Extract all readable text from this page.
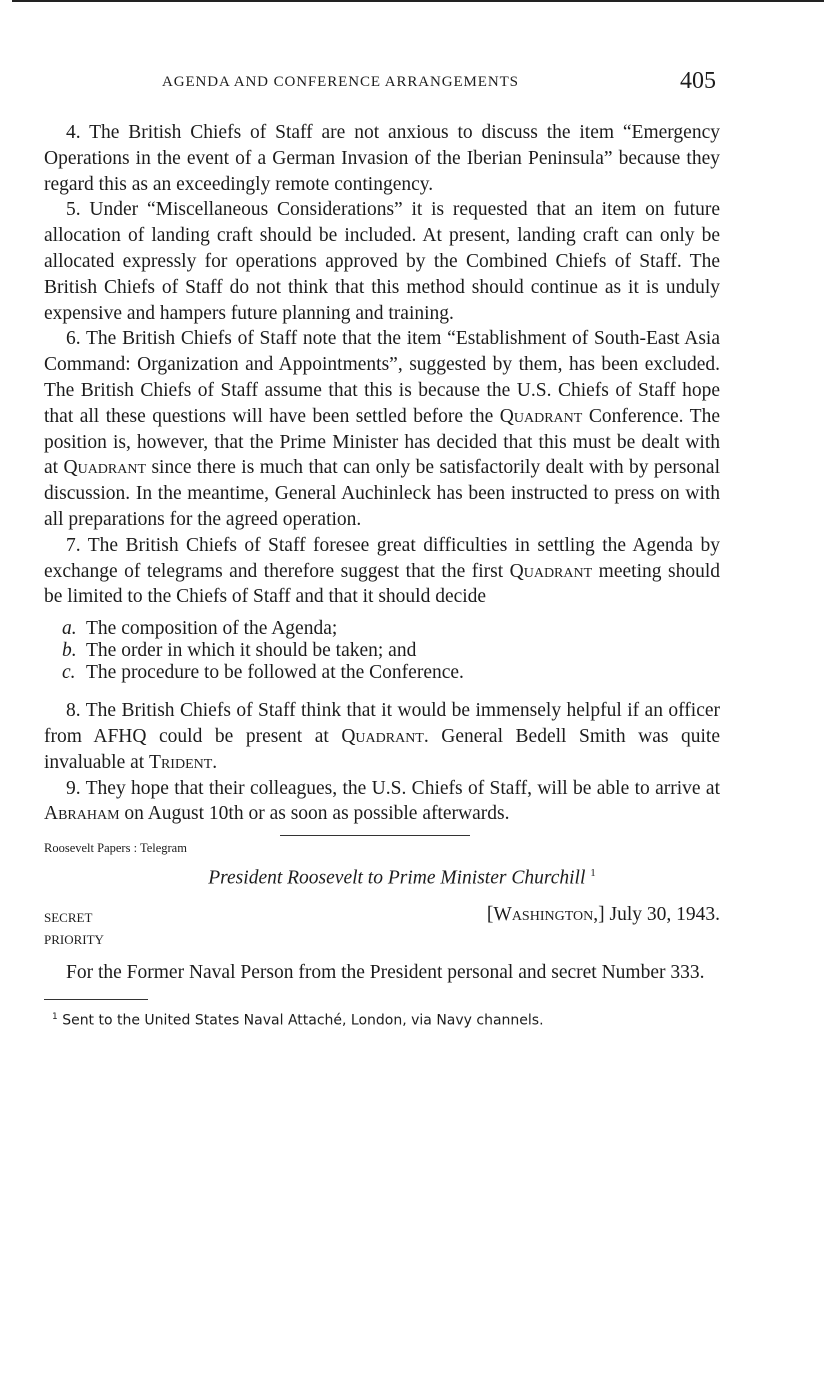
AGENDA AND CONFERENCE ARRANGEMENTS	405

4. The British Chiefs of Staff are not anxious to discuss the item “Emergency Operations in the event of a German Invasion of the Iberian Peninsula” because they regard this as an exceedingly remote contingency.

5. Under “Miscellaneous Considerations” it is requested that an item on future allocation of landing craft should be included. At present, landing craft can only be allocated expressly for operations approved by the Combined Chiefs of Staff. The British Chiefs of Staff do not think that this method should continue as it is unduly expensive and hampers future planning and training.

6. The British Chiefs of Staff note that the item “Establishment of South-East Asia Command: Organization and Appointments”, suggested by them, has been excluded. The British Chiefs of Staff assume that this is because the U.S. Chiefs of Staff hope that all these questions will have been settled before the Quadrant Conference. The position is, however, that the Prime Minister has decided that this must be dealt with at Quadrant since there is much that can only be satisfactorily dealt with by personal discussion. In the meantime, General Auchinleck has been instructed to press on with all preparations for the agreed operation.

7. The British Chiefs of Staff foresee great difficulties in settling the Agenda by exchange of telegrams and therefore suggest that the first Quadrant meeting should be limited to the Chiefs of Staff and that it should decide

a. The composition of the Agenda;

b. The order in which it should be taken; and

c. The procedure to be followed at the Conference.

8. The British Chiefs of Staff think that it would be immensely helpful if an officer from AFHQ could be present at Quadrant. General Bedell Smith was quite invaluable at Trident.

9. They hope that their colleagues, the U.S. Chiefs of Staff, will be able to arrive at Abraham on August 10th or as soon as possible afterwards.

Roosevelt Papers : Telegram

President Roosevelt to Prime Minister Churchill $^1$

SECRET
PRIORITY
[Washington,] July 30, 1943.

For the Former Naval Person from the President personal and secret Number 333.

$^1$ Sent to the United States Naval Attaché, London, via Navy channels.
